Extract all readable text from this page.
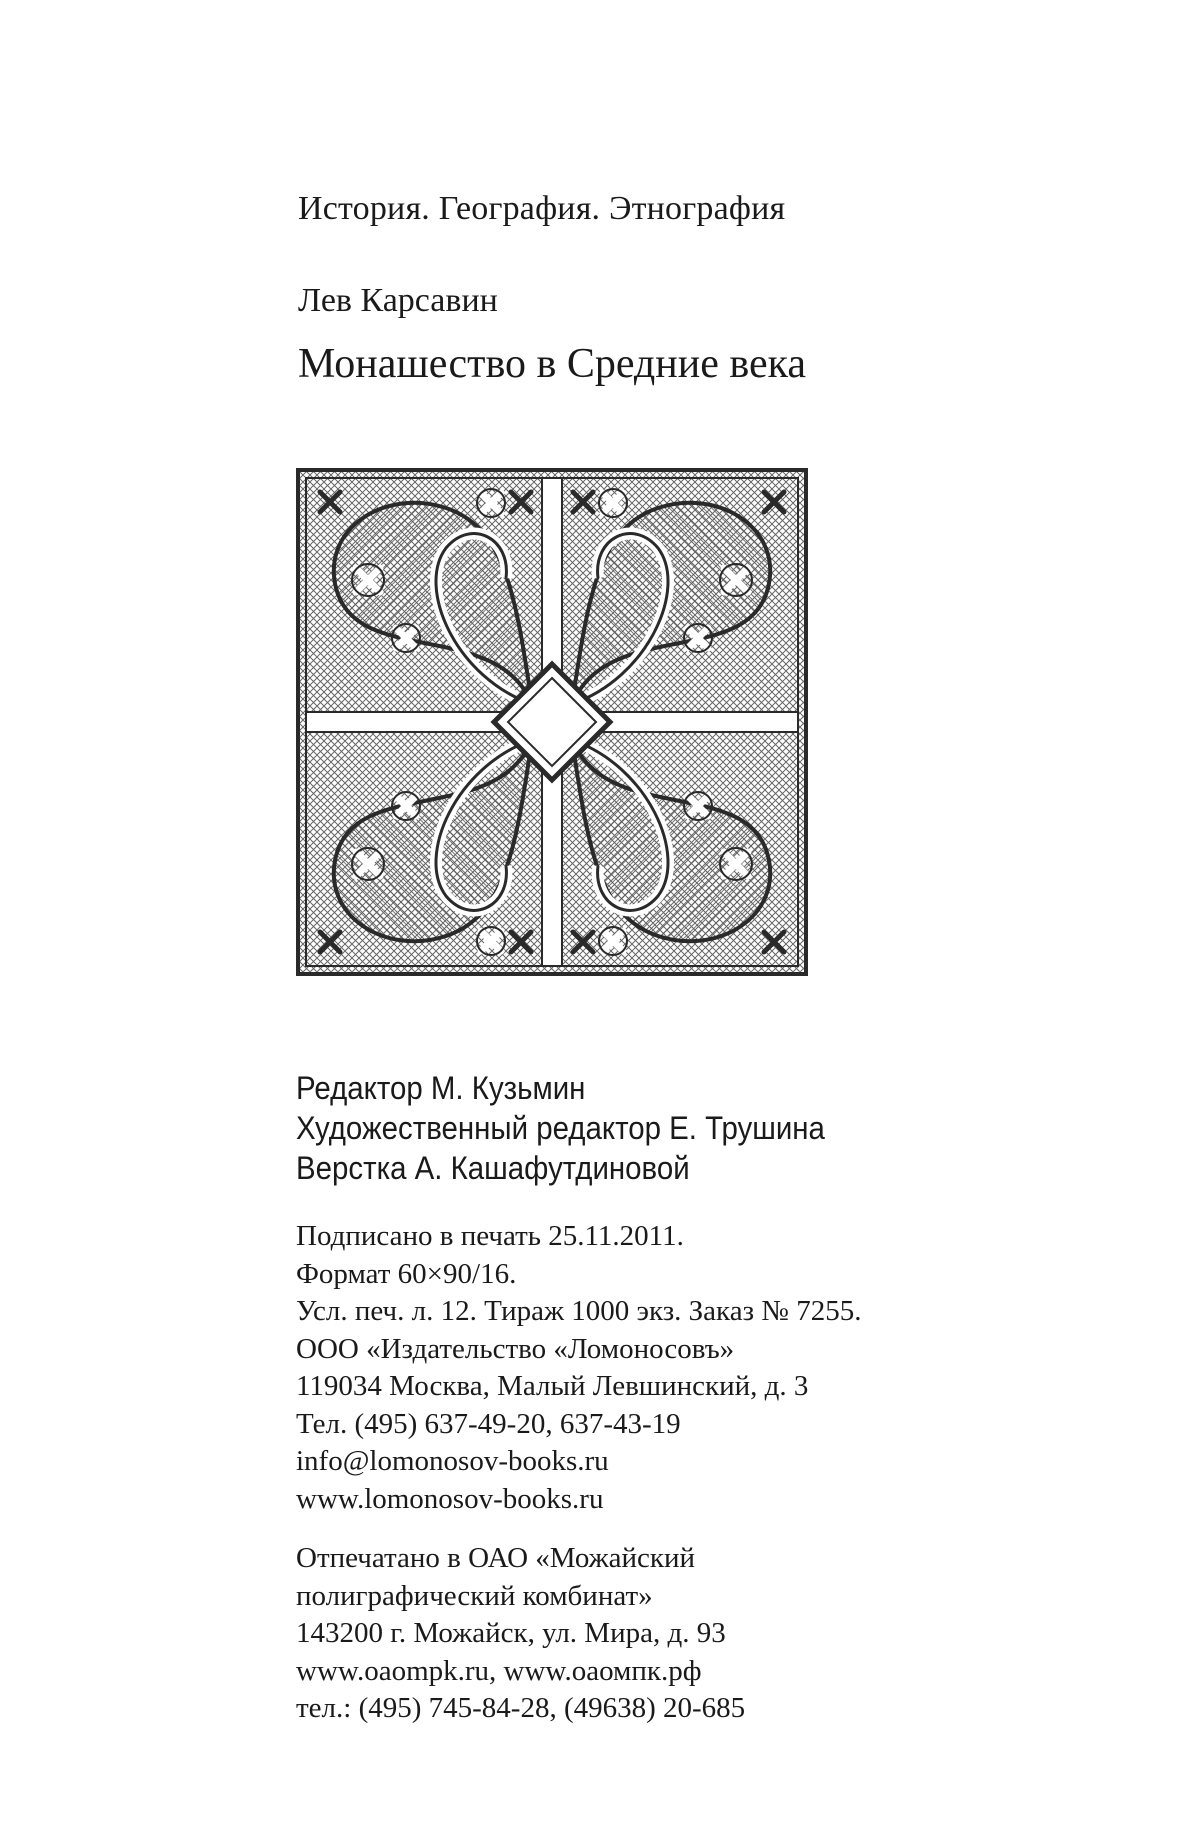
История. География. Этнография
Лев Карсавин
Монашество в Средние века
Редактор М. Кузьмин
Художественный редактор Е. Трушина
Верстка А. Кашафутдиновой
Подписано в печать 25.11.2011.
Формат 60×90/16.
Усл. печ. л. 12. Тираж 1000 экз. Заказ № 7255.
ООО «Издательство «Ломоносовъ»
119034 Москва, Малый Левшинский, д. 3
Тел. (495) 637-49-20, 637-43-19
info@lomonosov-books.ru
www.lomonosov-books.ru
Отпечатано в ОАО «Можайский
полиграфический комбинат»
143200 г. Можайск, ул. Мира, д. 93
www.oaompk.ru, www.оаомпк.рф
тел.: (495) 745-84-28, (49638) 20-685
